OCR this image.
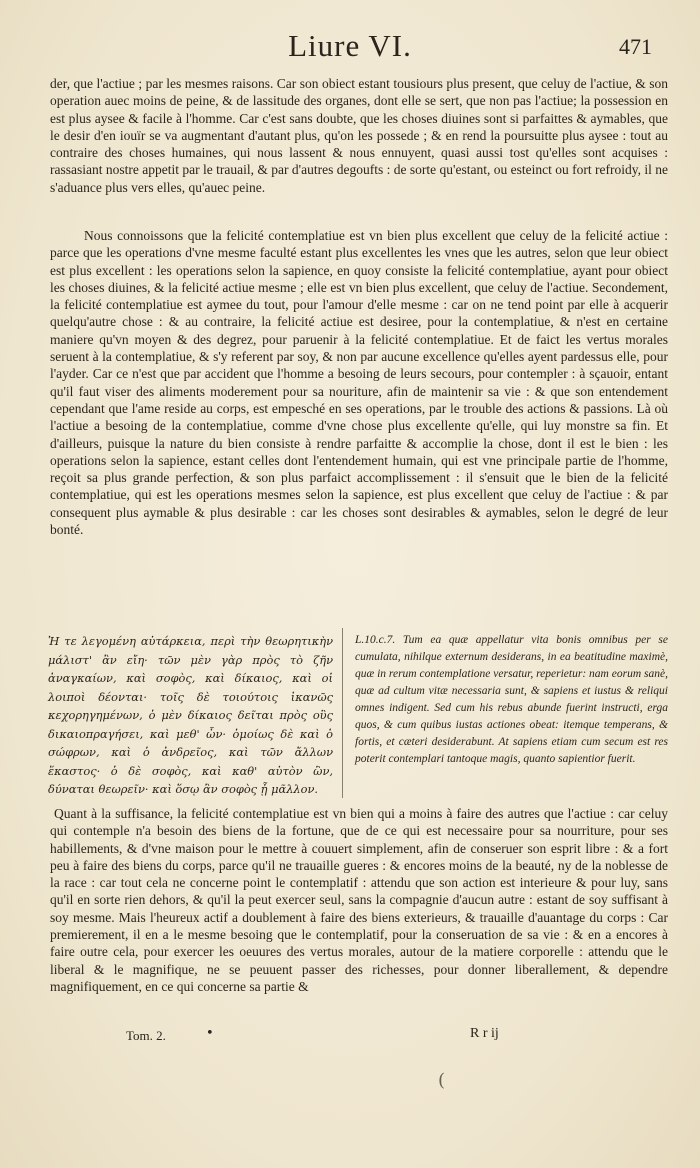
Liure VI.	471

der, que l'actiue ; par les mesmes raisons. Car son obiect estant tousiours plus present, que celuy de l'actiue, & son operation auec moins de peine, & de lassitude des organes, dont elle se sert, que non pas l'actiue; la possession en est plus aysee & facile à l'homme. Car c'est sans doubte, que les choses diuines sont si parfaittes & aymables, que le desir d'en iouïr se va augmentant d'autant plus, qu'on les possede ; & en rend la poursuitte plus aysee : tout au contraire des choses humaines, qui nous lassent & nous ennuyent, quasi aussi tost qu'elles sont acquises : rassasiant nostre appetit par le trauail, & par d'autres degoufts : de sorte qu'estant, ou esteinct ou fort refroidy, il ne s'aduance plus vers elles, qu'auec peine.

Nous connoissons que la felicité contemplatiue est vn bien plus excellent que celuy de la felicité actiue : parce que les operations d'vne mesme faculté estant plus excellentes les vnes que les autres, selon que leur obiect est plus excellent : les operations selon la sapience, en quoy consiste la felicité contemplatiue, ayant pour obiect les choses diuines, & la felicité actiue mesme ; elle est vn bien plus excellent, que celuy de l'actiue. Secondement, la felicité contemplatiue est aymee du tout, pour l'amour d'elle mesme : car on ne tend point par elle à acquerir quelqu'autre chose : & au contraire, la felicité actiue est desiree, pour la contemplatiue, & n'est en certaine maniere qu'vn moyen & des degrez, pour paruenir à la felicité contemplatiue. Et de faict les vertus morales seruent à la contemplatiue, & s'y referent par soy, & non par aucune excellence qu'elles ayent pardessus elle, pour l'ayder. Car ce n'est que par accident que l'homme a besoing de leurs secours, pour contempler : à sçauoir, entant qu'il faut viser des aliments moderement pour sa nouriture, afin de maintenir sa vie : & que son entendement cependant que l'ame reside au corps, est empesché en ses operations, par le trouble des actions & passions. Là où l'actiue a besoing de la contemplatiue, comme d'vne chose plus excellente qu'elle, qui luy monstre sa fin. Et d'ailleurs, puisque la nature du bien consiste à rendre parfaitte & accomplie la chose, dont il est le bien : les operations selon la sapience, estant celles dont l'entendement humain, qui est vne principale partie de l'homme, reçoit sa plus grande perfection, & son plus parfaict accomplissement : il s'ensuit que le bien de la felicité contemplatiue, qui est les operations mesmes selon la sapience, est plus excellent que celuy de l'actiue : & par consequent plus aymable & plus desirable : car les choses sont desirables & aymables, selon le degré de leur bonté.

Ἡ τε λεγομένη αὐτάρκεια, περὶ τὴν θεωρητικὴν μάλιστ' ἂν εἴη· τῶν μὲν γὰρ πρὸς τὸ ζῆν ἀναγκαίων, καὶ σοφὸς, καὶ δίκαιος, καὶ οἱ λοιποὶ δέονται· τοῖς δὲ τοιούτοις ἱκανῶς κεχορηγημένων, ὁ μὲν δίκαιος δεῖται πρὸς οὓς δικαιοπραγήσει, καὶ μεθ' ὧν· ὁμοίως δὲ καὶ ὁ σώφρων, καὶ ὁ ἀνδρεῖος, καὶ τῶν ἄλλων ἕκαστος· ὁ δὲ σοφὸς, καὶ καθ' αὑτὸν ὢν, δύναται θεωρεῖν· καὶ ὅσῳ ἂν σοφὸς ᾖ μᾶλλον.

L.10.c.7. Tum ea quæ appellatur vita bonis omnibus per se cumulata, nihilque externum desiderans, in ea beatitudine maximè, quæ in rerum contemplatione versatur, reperietur: nam eorum sanè, quæ ad cultum vitæ necessaria sunt, & sapiens et iustus & reliqui omnes indigent. Sed cum his rebus abunde fuerint instructi, erga quos, & cum quibus iustas actiones obeat: itemque temperans, & fortis, et cæteri desiderabunt. At sapiens etiam cum secum est res poterit contemplari tantoque magis, quanto sapientior fuerit.

Quant à la suffisance, la felicité contemplatiue est vn bien qui a moins à faire des autres que l'actiue : car celuy qui contemple n'a besoin des biens de la fortune, que de ce qui est necessaire pour sa nourriture, pour ses habillements, & d'vne maison pour le mettre à couuert simplement, afin de conseruer son esprit libre : & a fort peu à faire des biens du corps, parce qu'il ne trauaille gueres : & encores moins de la beauté, ny de la noblesse de la race : car tout cela ne concerne point le contemplatif : attendu que son action est interieure & pour luy, sans qu'il en sorte rien dehors, & qu'il la peut exercer seul, sans la compagnie d'aucun autre : estant de soy suffisant à soy mesme. Mais l'heureux actif a doublement à faire des biens exterieurs, & trauaille d'auantage du corps : Car premierement, il en a le mesme besoing que le contemplatif, pour la conseruation de sa vie : & en a encores à faire outre cela, pour exercer les oeuures des vertus morales, autour de la matiere corporelle : attendu que le liberal & le magnifique, ne se peuuent passer des richesses, pour donner liberallement, & dependre magnifiquement, en ce qui concerne sa partie &

Tom. 2.	•	R r ij
(
